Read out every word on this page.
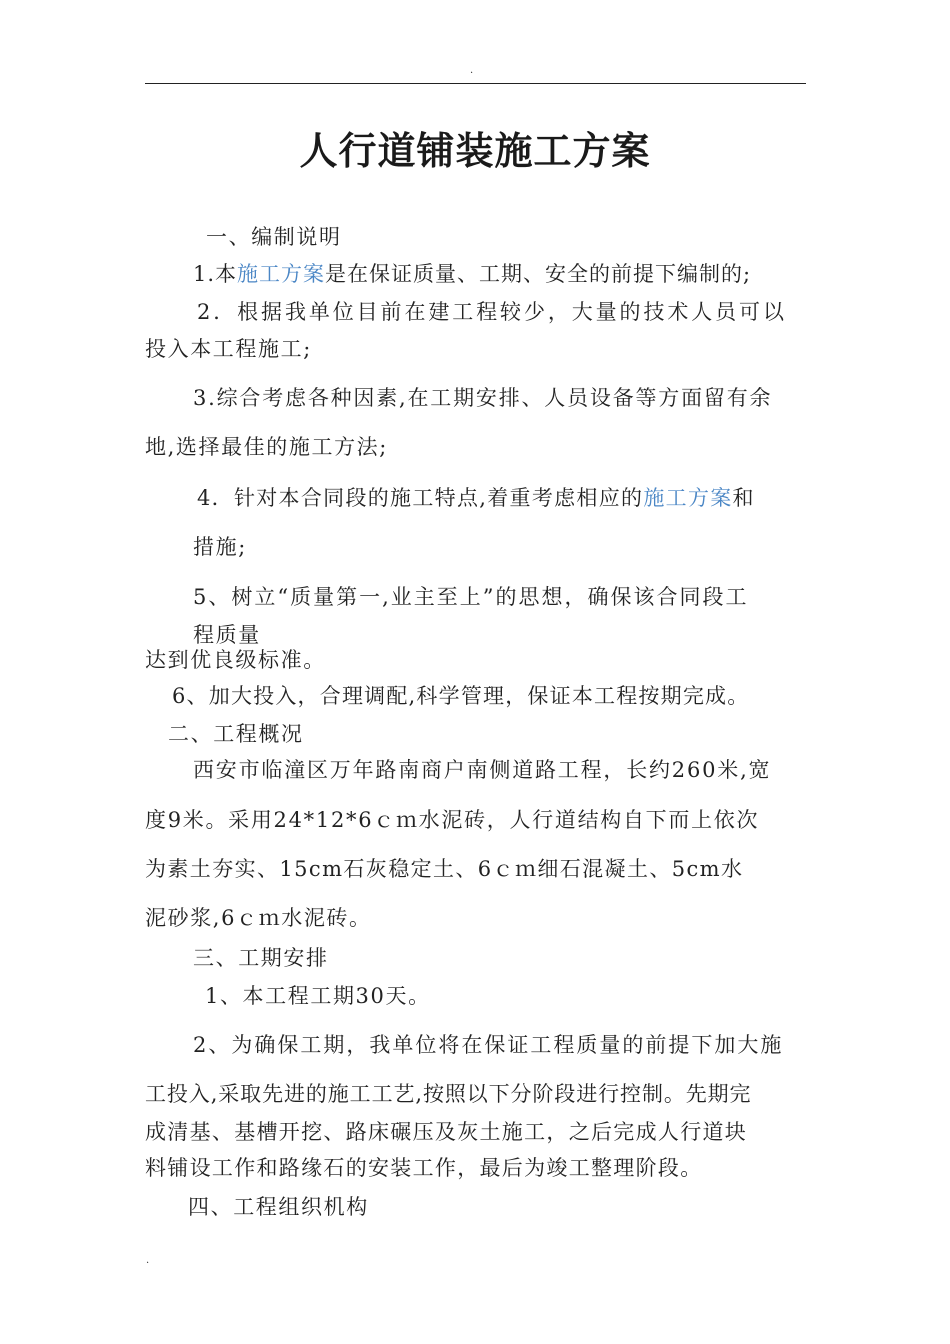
.
人行道铺装施工方案
一、编制说明
1.本施工方案是在保证质量、工期、安全的前提下编制的;
2．根据我单位目前在建工程较少，大量的技术人员可以
投入本工程施工;
3.综合考虑各种因素,在工期安排、人员设备等方面留有余
地,选择最佳的施工方法;
4．针对本合同段的施工特点,着重考虑相应的施工方案和
措施;
5、树立“质量第一,业主至上”的思想，确保该合同段工
程质量
达到优良级标准。
6、加大投入，合理调配,科学管理，保证本工程按期完成。
二、工程概况
西安市临潼区万年路南商户南侧道路工程，长约260米,宽
度9米。采用24*12*6ｃｍ水泥砖，人行道结构自下而上依次
为素土夯实、15cm石灰稳定土、6ｃｍ细石混凝土、5cm水
泥砂浆,6ｃｍ水泥砖。
三、工期安排
1、本工程工期30天。
2、为确保工期，我单位将在保证工程质量的前提下加大施
工投入,采取先进的施工工艺,按照以下分阶段进行控制。先期完
成清基、基槽开挖、路床碾压及灰土施工，之后完成人行道块
料铺设工作和路缘石的安装工作，最后为竣工整理阶段。
四、工程组织机构
.
